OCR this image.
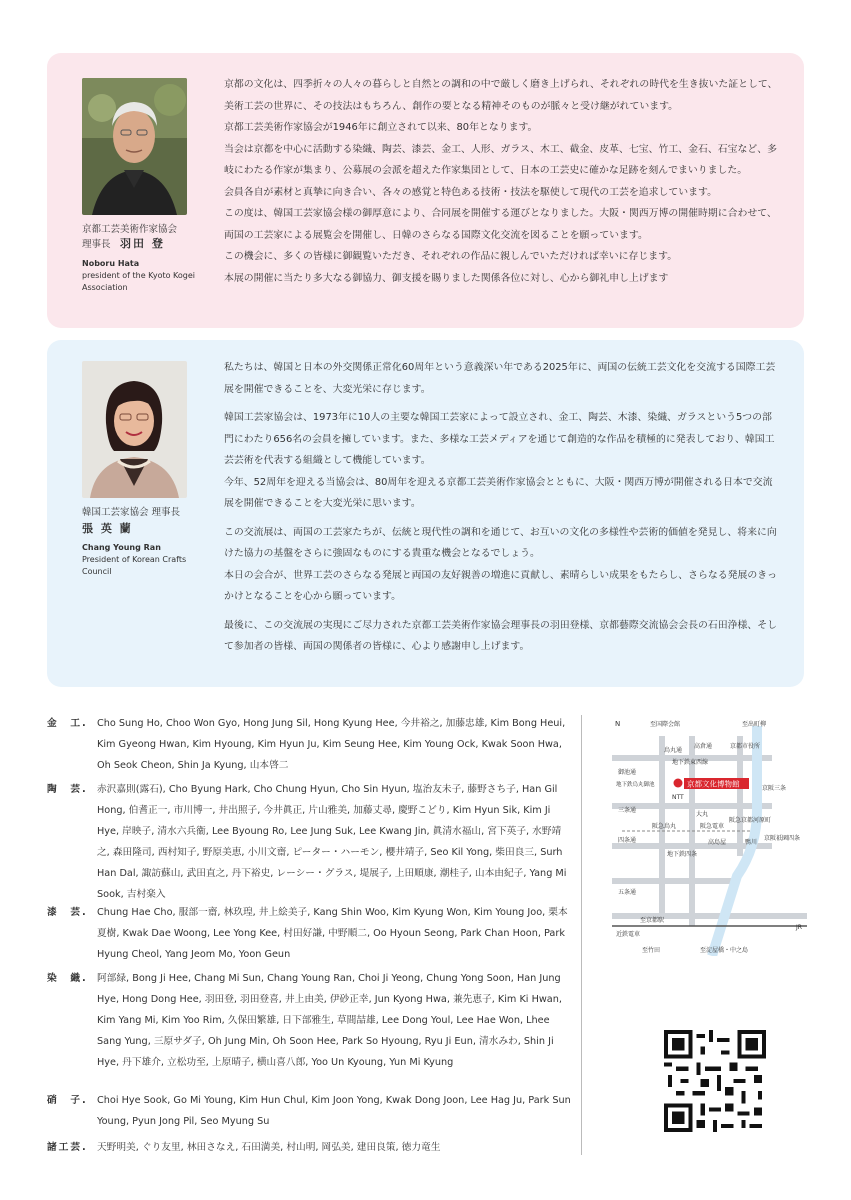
京都工芸美術作家協会
理事長　 羽田 登
Noboru Hata
president of the Kyoto Kogei Association

京都の文化は、四季折々の人々の暮らしと自然との調和の中で厳しく磨き上げられ、それぞれの時代を生き抜いた証として、美術工芸の世界に、その技法はもちろん、創作の要となる精神そのものが脈々と受け継がれています。

京都工芸美術作家協会が1946年に創立されて以来、80年となります。

当会は京都を中心に活動する染織、陶芸、漆芸、金工、人形、ガラス、木工、截金、皮革、七宝、竹工、金石、石宝など、多岐にわたる作家が集まり、公募展の会派を超えた作家集団として、日本の工芸史に確かな足跡を刻んでまいりました。

会員各自が素材と真摯に向き合い、各々の感覚と特色ある技術・技法を駆使して現代の工芸を追求しています。

この度は、韓国工芸家協会様の御厚意により、合同展を開催する運びとなりました。大阪・関西万博の開催時期に合わせて、両国の工芸家による展覧会を開催し、日韓のさらなる国際文化交流を図ることを願っています。

この機会に、多くの皆様に御観覧いただき、それぞれの作品に親しんでいただければ幸いに存じます。

本展の開催に当たり多大なる御協力、御支援を賜りました関係各位に対し、心から御礼申し上げます

韓国工芸家協会 理事長
張 英 蘭
Chang Young Ran
President of Korean Crafts Council

私たちは、韓国と日本の外交関係正常化60周年という意義深い年である2025年に、両国の伝統工芸文化を交流する国際工芸展を開催できることを、大変光栄に存じます。

韓国工芸家協会は、1973年に10人の主要な韓国工芸家によって設立され、金工、陶芸、木漆、染織、ガラスという5つの部門にわたり656名の会員を擁しています。また、多様な工芸メディアを通じて創造的な作品を積極的に発表しており、韓国工芸芸術を代表する組織として機能しています。

今年、52周年を迎える当協会は、80周年を迎える京都工芸美術作家協会とともに、大阪・関西万博が開催される日本で交流展を開催できることを大変光栄に思います。

この交流展は、両国の工芸家たちが、伝統と現代性の調和を通じて、お互いの文化の多様性や芸術的価値を発見し、将来に向けた協力の基盤をさらに強固なものにする貴重な機会となるでしょう。

本日の会合が、世界工芸のさらなる発展と両国の友好親善の増進に貢献し、素晴らしい成果をもたらし、さらなる発展のきっかけとなることを心から願っています。

最後に、この交流展の実現にご尽力された京都工芸美術作家協会理事長の羽田登様、京都藝際交流協会会長の石田浄様、そして参加者の皆様、両国の関係者の皆様に、心より感謝申し上げます。

金　工. Cho Sung Ho, Choo Won Gyo, Hong Jung Sil, Hong Kyung Hee, 今井裕之, 加藤忠雄, Kim Bong Heui, Kim Gyeong Hwan, Kim Hyoung, Kim Hyun Ju, Kim Seung Hee, Kim Young Ock, Kwak Soon Hwa, Oh Seok Cheon, Shin Ja Kyung, 山本啓二
陶　芸. 赤沢嘉則(露石), Cho Byung Hark, Cho Chung Hyun, Cho Sin Hyun, 塩治友未子, 藤野さち子, Han Gil Hong, 伯耆正一, 市川博一, 井出照子, 今井眞正, 片山雅美, 加藤丈尋, 慶野こどり, Kim Hyun Sik, Kim Ji Hye, 岸映子, 清水六兵衞, Lee Byoung Ro, Lee Jung Suk, Lee Kwang Jin, 眞清水福山, 宮下英子, 水野靖之, 森田隆司, 西村知子, 野原美恵, 小川文齋, ピーター・ハーモン, 櫻井靖子, Seo Kil Yong, 柴田良三, Surh Han Dal, 諏訪蘇山, 武田直之, 丹下裕史, レーシー・グラス, 堤展子, 上田順康, 潮桂子, 山本由紀子, Yang Mi Sook, 吉村楽入
漆　芸. Chung Hae Cho, 服部一齋, 林玖瑝, 井上絵美子, Kang Shin Woo, Kim Kyung Won, Kim Young Joo, 栗本夏樹, Kwak Dae Woong, Lee Yong Kee, 村田好謙, 中野順二, Oo Hyoun Seong, Park Chan Hoon, Park Hyung Cheol, Yang Jeom Mo, Yoon Geun
染　織. 阿部緑, Bong Ji Hee, Chang Mi Sun, Chang Young Ran, Choi Ji Yeong, Chung Yong Soon, Han Jung Hye, Hong Dong Hee, 羽田登, 羽田登喜, 井上由美, 伊砂正幸, Jun Kyong Hwa, 兼先恵子, Kim Ki Hwan, Kim Yang Mi, Kim Yoo Rim, 久保田繁雄, 日下部雅生, 草間喆雄, Lee Dong Youl, Lee Hae Won, Lhee Sang Yung, 三原サダ子, Oh Jung Min, Oh Soon Hee, Park So Hyoung, Ryu Ji Eun, 清水みわ, Shin Ji Hye, 丹下雄介, 立松功至, 上原晴子, 横山喜八郎, Yoo Un Kyoung, Yun Mi Kyung
硝　子. Choi Hye Sook, Go Mi Young, Kim Hun Chul, Kim Joon Yong, Kwak Dong Joon, Lee Hag Ju, Park Sun Young, Pyun Jong Pil, Seo Myung Su
諸工芸. 天野明美, ぐり友里, 林田さなえ, 石田満美, 村山明, 岡弘美, 建田良策, 徳力竜生
京都文化博物館
N	至国際会館	至出町柳
烏丸通
高倉通	京都市役所
御池通
地下鉄東西線
NTT
三条通
京阪三条
大丸
阪急烏丸	阪急電車
阪急京都河原町
四条通	高島屋	鴨川
京阪祇園四条
地下鉄四条
五条通
至京都駅
JR
近鉄電車
至竹田	至淀屋橋・中之島
地下鉄烏丸御池
